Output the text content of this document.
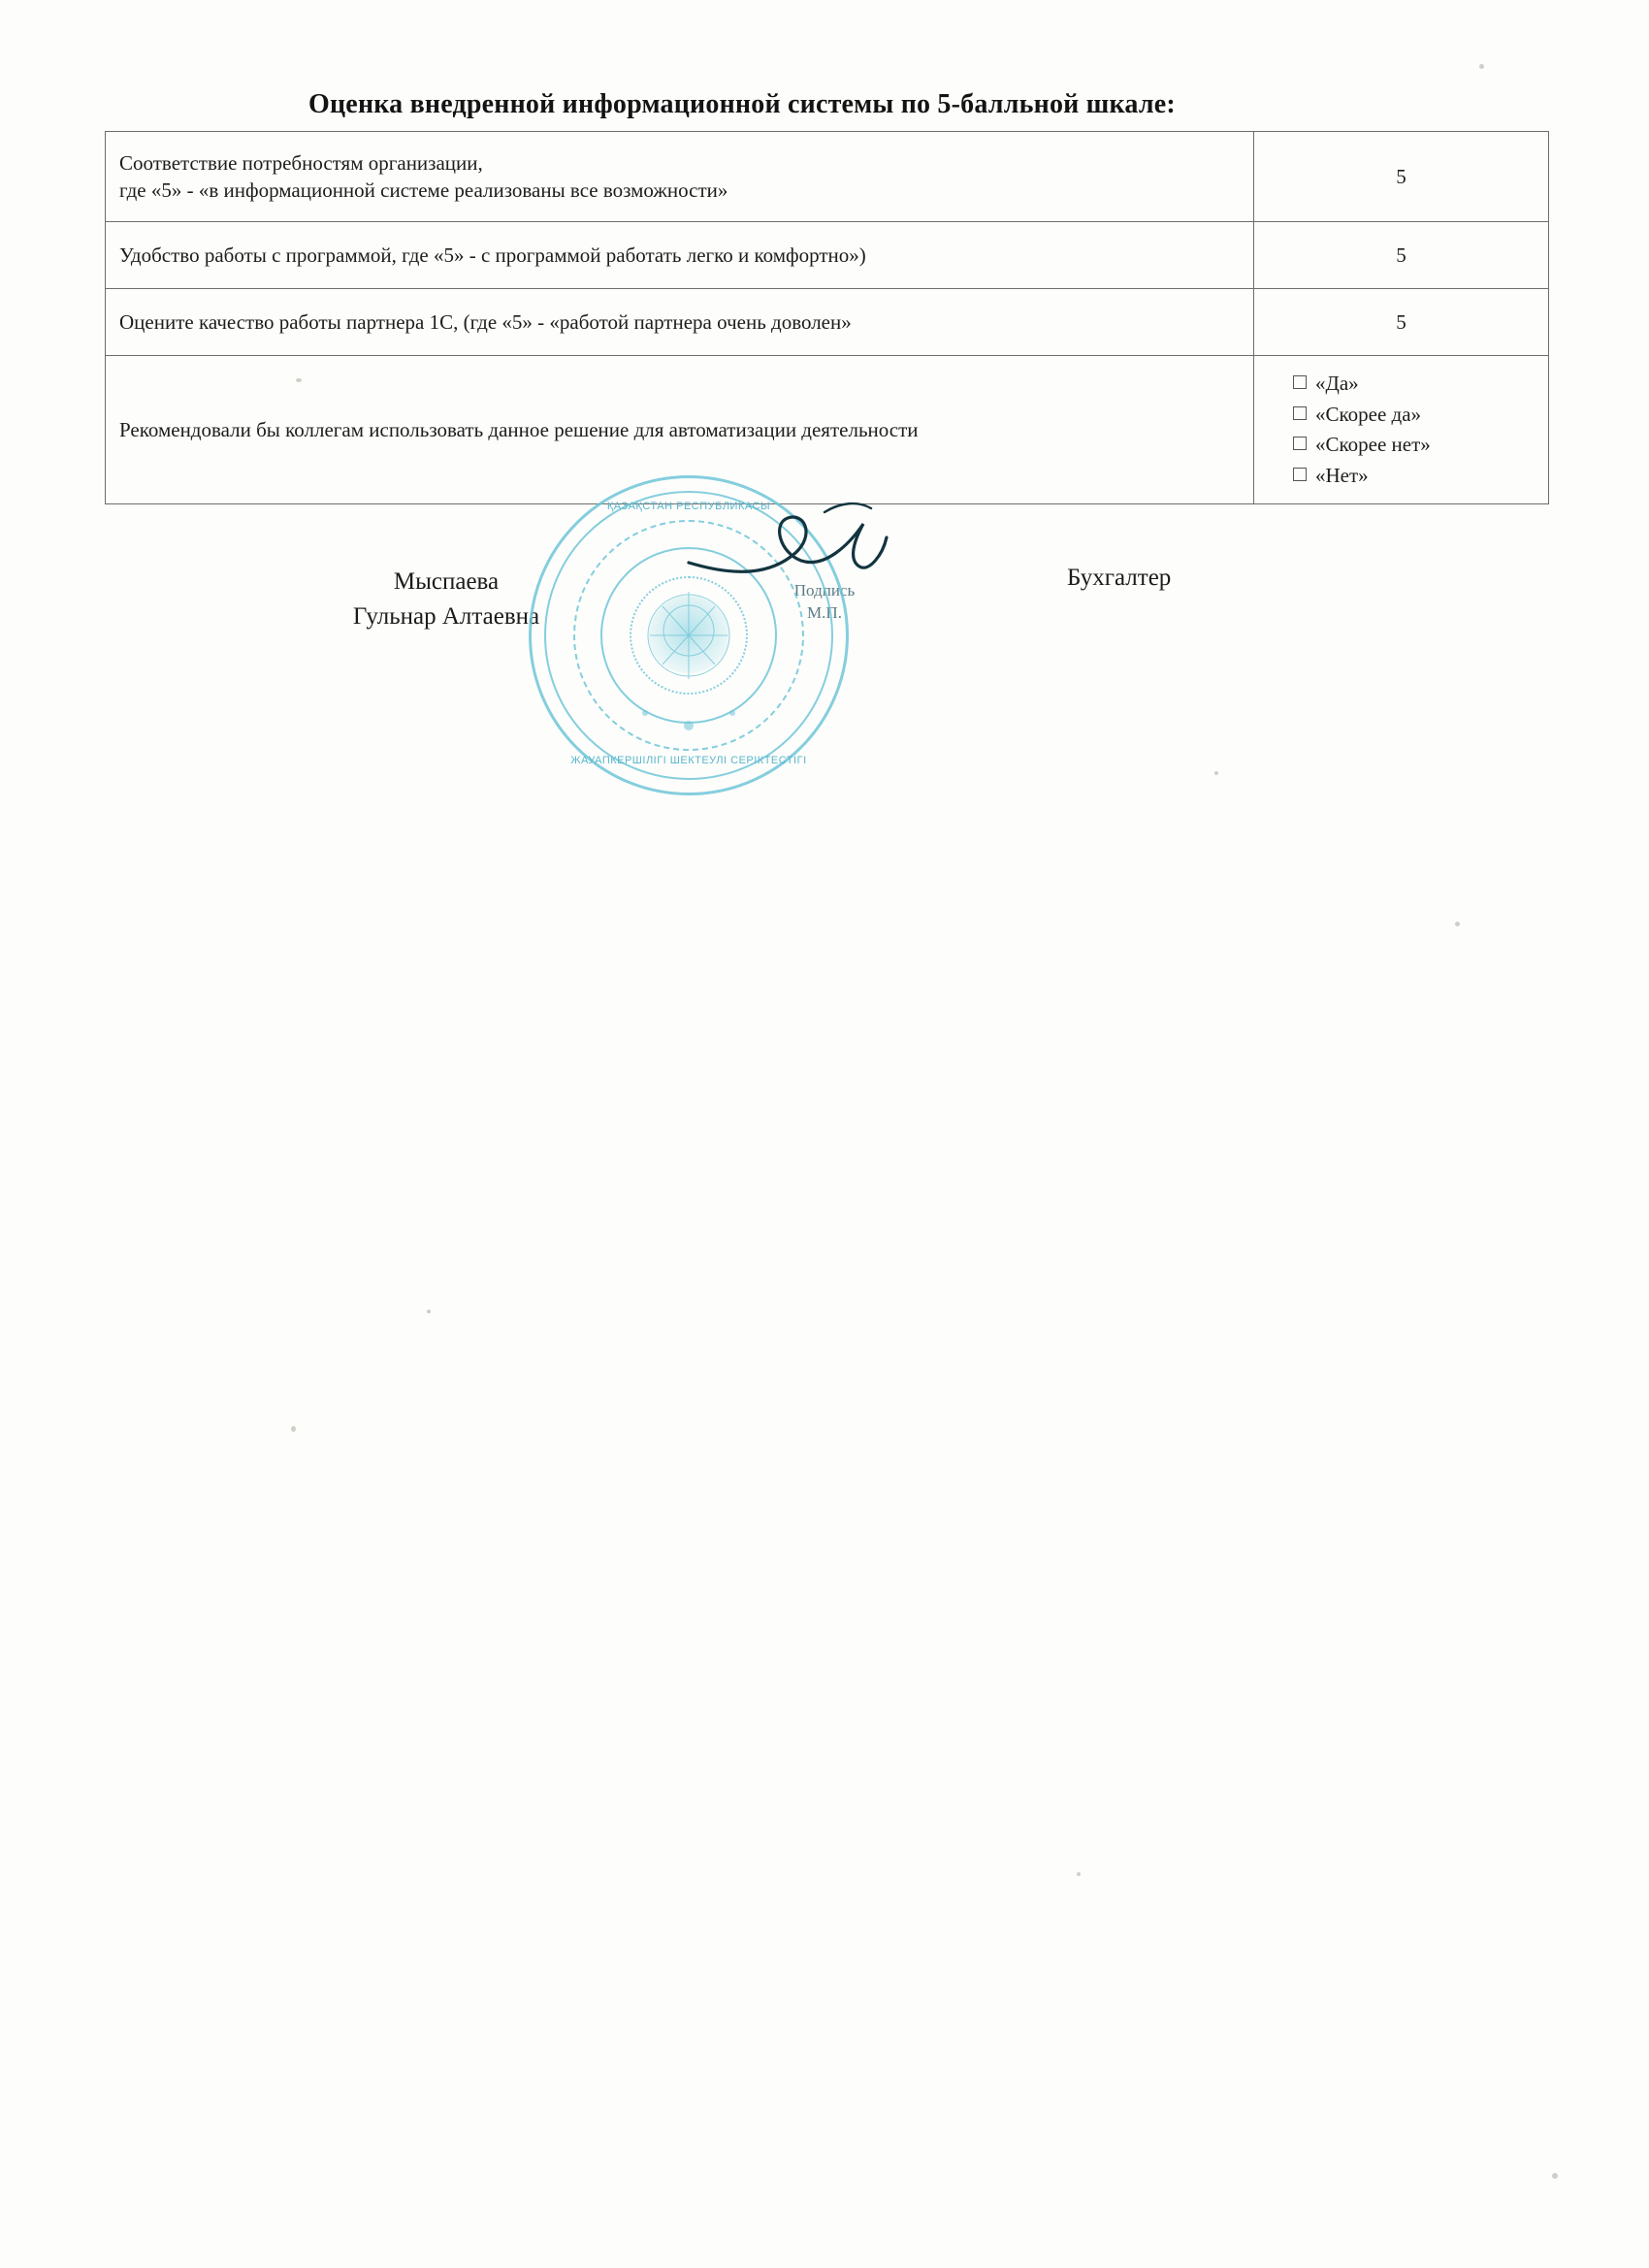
Оценка внедренной информационной системы по 5-балльной шкале:
Соответствие потребностям организации,
где «5» - «в информационной системе реализованы все возможности»	5
Удобство работы с программой, где «5» - с программой работать легко и комфортно»)	5
Оцените качество работы партнера 1С, (где «5» - «работой партнера очень доволен»	5
Рекомендовали бы коллегам использовать данное решение для автоматизации деятельности	«Да»
«Скорее да»
«Скорее нет»
«Нет»
Мыспаева
Гульнар Алтаевна
Бухгалтер
Подпись
М.П.
ҚАЗАҚСТАН РЕСПУБЛИКАСЫ
ЖАУАПКЕРШІЛІГІ ШЕКТЕУЛІ СЕРІКТЕСТІГІ
